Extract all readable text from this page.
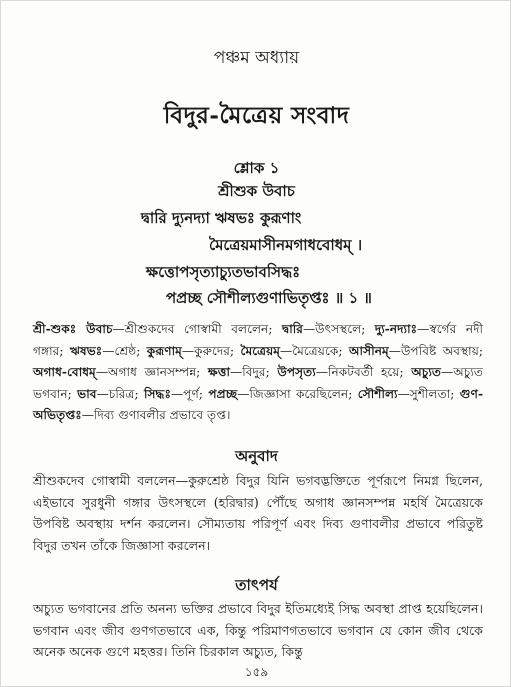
পঞ্চম অধ্যায়
বিদুর-মৈত্রেয় সংবাদ
শ্লোক ১
শ্রীশুক উবাচ
দ্বারি দ্যুনদ্যা ঋষভঃ কুরূণাং
মৈত্রেয়মাসীনমগাধবোধম্ ।
ক্ষত্তোপসৃত্যাচ্যুতভাবসিদ্ধঃ
পপ্রচ্ছ সৌশীল্যগুণাভিতৃপ্তঃ ॥ ১ ॥
শ্রী-শুকঃ উবাচ—শ্রীশুকদেব গোস্বামী বললেন; দ্বারি—উৎসস্থলে; দ্যু-নদ্যাঃ—স্বর্গের নদী গঙ্গার; ঋষভঃ—শ্রেষ্ঠ; কুরূণাম্—কুরুদের; মৈত্রেয়ম্—মৈত্রেয়কে; আসীনম্—উপবিষ্ট অবস্থায়; অগাধ-বোধম্—অগাধ জ্ঞানসম্পন্ন; ক্ষত্তা—বিদুর; উপসৃত্য—নিকটবর্তী হয়ে; অচ্যুত—অচ্যুত ভগবান; ভাব—চরিত্র; সিদ্ধঃ—পূর্ণ; পপ্রচ্ছ—জিজ্ঞাসা করেছিলেন; সৌশীল্য—সুশীলতা; গুণ-অভিতৃপ্তঃ—দিব্য গুণাবলীর প্রভাবে তৃপ্ত।
অনুবাদ
শ্রীশুকদেব গোস্বামী বললেন—কুরুশ্রেষ্ঠ বিদুর যিনি ভগবদ্ভক্তিতে পূর্ণরূপে নিমগ্ন ছিলেন, এইভাবে সুরধুনী গঙ্গার উৎসস্থলে (হরিদ্বার) পৌঁছে অগাধ জ্ঞানসম্পন্ন মহর্ষি মৈত্রেয়কে উপবিষ্ট অবস্থায় দর্শন করলেন। সৌম্যতায় পরিপূর্ণ এবং দিব্য গুণাবলীর প্রভাবে পরিতুষ্ট বিদুর তখন তাঁকে জিজ্ঞাসা করলেন।
তাৎপর্য
অচ্যুত ভগবানের প্রতি অনন্য ভক্তির প্রভাবে বিদুর ইতিমধ্যেই সিদ্ধ অবস্থা প্রাপ্ত হয়েছিলেন। ভগবান এবং জীব গুণগতভাবে এক, কিন্তু পরিমাণগতভাবে ভগবান যে কোন জীব থেকে অনেক অনেক গুণে মহত্তর। তিনি চিরকাল অচ্যুত, কিন্তু
১৫৯
